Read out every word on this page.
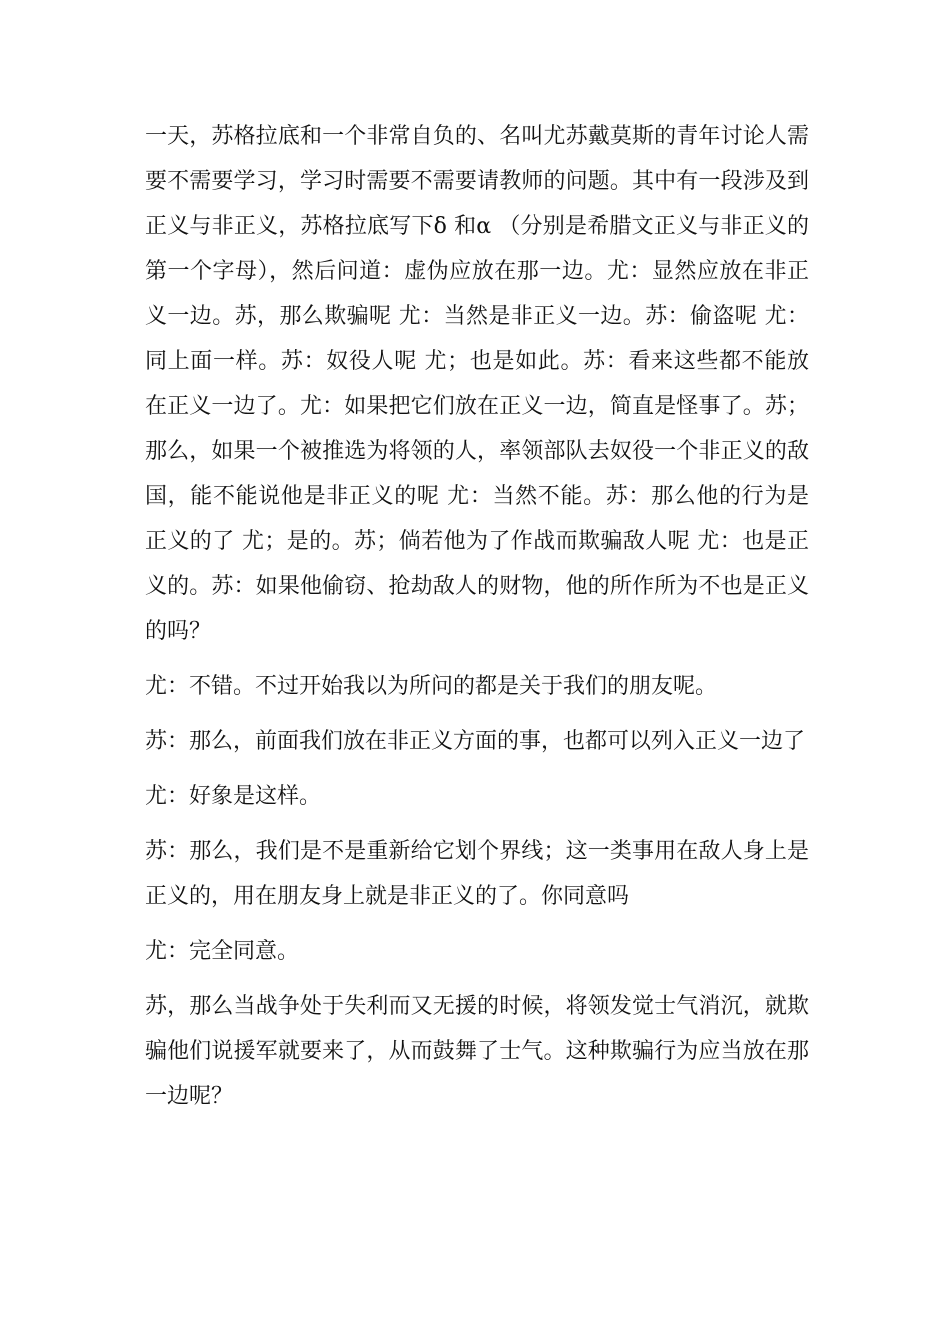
一天，苏格拉底和一个非常自负的、名叫尤苏戴莫斯的青年讨论人需要不需要学习，学习时需要不需要请教师的问题。其中有一段涉及到正义与非正义，苏格拉底写下δ 和α （分别是希腊文正义与非正义的第一个字母），然后问道：虚伪应放在那一边。尤：显然应放在非正义一边。苏，那么欺骗呢 尤：当然是非正义一边。苏：偷盗呢 尤：同上面一样。苏：奴役人呢 尤；也是如此。苏：看来这些都不能放在正义一边了。尤：如果把它们放在正义一边，简直是怪事了。苏；那么，如果一个被推选为将领的人，率领部队去奴役一个非正义的敌国，能不能说他是非正义的呢 尤：当然不能。苏：那么他的行为是正义的了 尤；是的。苏；倘若他为了作战而欺骗敌人呢 尤：也是正义的。苏：如果他偷窃、抢劫敌人的财物，他的所作所为不也是正义的吗？

尤：不错。不过开始我以为所问的都是关于我们的朋友呢。

苏：那么，前面我们放在非正义方面的事，也都可以列入正义一边了

尤：好象是这样。

苏：那么，我们是不是重新给它划个界线；这一类事用在敌人身上是正义的，用在朋友身上就是非正义的了。你同意吗

尤：完全同意。

苏，那么当战争处于失利而又无援的时候，将领发觉士气消沉，就欺骗他们说援军就要来了，从而鼓舞了士气。这种欺骗行为应当放在那一边呢？
